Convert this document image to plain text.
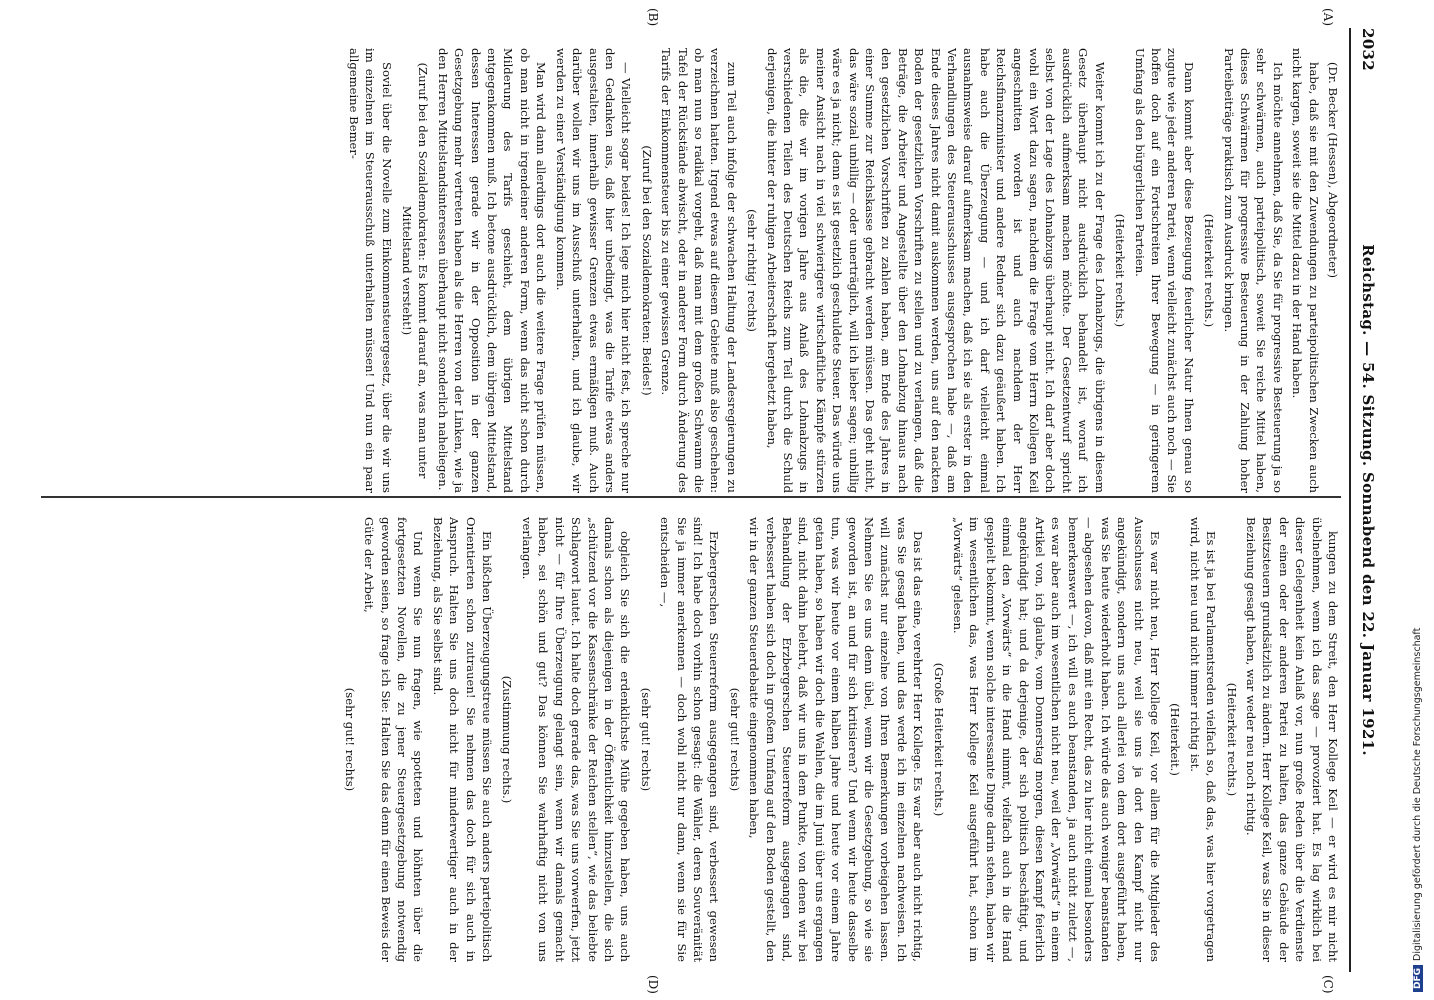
2032
Reichstag. — 54. Sitzung. Sonnabend den 22. Januar 1921.
(A)
(B)
(C)
(D)

(Dr. Becker (Hessen), Abgeordneter)

habe, daß sie mit den Zuwendungen zu parteipolitischen Zwecken auch nicht kargen, soweit sie die Mittel dazu in der Hand haben.

Ich möchte annehmen, daß Sie, da Sie für progressive Besteuerung ja so sehr schwärmen, auch parteipolitisch, soweit Sie reiche Mittel haben, dieses Schwärmen für progressive Besteuerung in der Zahlung hoher Parteibeiträge praktisch zum Ausdruck bringen.

(Heiterkeit rechts.)

Dann kommt aber diese Bezeugung feuerlicher Natur Ihnen genau so zugute wie jeder anderen Partei, wenn vielleicht zunächst auch noch — Sie hoffen doch auf ein Fortschreiten Ihrer Bewegung — in geringerem Umfang als den bürgerlichen Parteien.

(Heiterkeit rechts.)

Weiter kommt ich zu der Frage des Lohnabzugs, die übrigens in diesem Gesetz überhaupt nicht ausdrücklich behandelt ist, worauf ich ausdrücklich aufmerksam machen möchte. Der Gesetzentwurf spricht selbst von der Lage des Lohnabzugs überhaupt nicht. Ich darf aber doch wohl ein Wort dazu sagen, nachdem die Frage vom Herrn Kollegen Keil angeschnitten worden ist und auch nachdem der Herr Reichsfinanzminister und andere Redner sich dazu geäußert haben. Ich habe auch die Überzeugung — und ich darf vielleicht einmal ausnahmsweise darauf aufmerksam machen, daß ich sie als erster in den Verhandlungen des Steuerausschusses ausgesprochen habe —, daß am Ende dieses Jahres nicht damit auskommen werden, uns auf den nackten Boden der gesetzlichen Vorschriften zu stellen und zu verlangen, daß die Beträge, die Arbeiter und Angestellte über den Lohnabzug hinaus nach den gesetzlichen Vorschriften zu zahlen haben, am Ende des Jahres in einer Summe zur Reichskasse gebracht werden müssen. Das geht nicht, das wäre sozial unbillig — oder unerträglich, will ich lieber sagen; unbillig wäre es ja nicht; denn es ist gesetzlich geschuldete Steuer. Das würde uns meiner Ansicht nach in viel schwierigere wirtschaftliche Kämpfe stürzen als die, die wir im vorigen Jahre aus Anlaß des Lohnabzugs in verschiedenen Teilen des Deutschen Reichs zum Teil durch die Schuld derjenigen, die hinter der ruhigen Arbeiterschaft hergehetzt haben,

(sehr richtig! rechts)

zum Teil auch infolge der schwachen Haltung der Landesregierungen zu verzeichnen hatten. Irgend etwas auf diesem Gebiete muß also geschehen: ob man nun so radikal vorgeht, daß man mit dem großen Schwamm die Tafel der Rückstände abwischt, oder in anderer Form durch Änderung des Tarifs der Einkommensteuer bis zu einer gewissen Grenze.

(Zuruf bei den Sozialdemokraten: Beides!)

— Vielleicht sogar beides! Ich lege mich hier nicht fest, ich spreche nur den Gedanken aus, daß hier unbedingt, was die Tarife etwas anders ausgestalten, innerhalb gewisser Grenzen etwas ermäßigen muß. Auch darüber wollen wir uns im Ausschuß unterhalten, und ich glaube, wir werden zu einer Verständigung kommen.

Man wird dann allerdings dort auch die weitere Frage prüfen müssen, ob man nicht in irgendeiner anderen Form, wenn das nicht schon durch Milderung des Tarifs geschieht, dem übrigen Mittelstand entgegenkommen muß. Ich betone ausdrücklich, dem übrigen Mittelstand, dessen Interessen gerade wir in der Opposition in der ganzen Gesetzgebung mehr vertreten haben als die Herren von der Linken, wie ja den Herren Mittelstandsinteressen überhaupt nicht sonderlich naheliegen.

(Zuruf bei den Sozialdemokraten: Es kommt darauf an, was man unter Mittelstand versteht!)

Soviel über die Novelle zum Einkommensteuergesetz, über die wir uns im einzelnen im Steuerausschuß unterhalten müssen! Und nun ein paar allgemeine Bemer-

kungen zu dem Streit, den Herr Kollege Keil — er wird es mir nicht übelnehmen, wenn ich das sage — provoziert hat. Es lag wirklich bei dieser Gelegenheit kein Anlaß vor, nun große Reden über die Verdienste der einen oder der anderen Partei zu halten, das ganze Gebäude der Besitzsteuern grundsätzlich zu ändern. Herr Kollege Keil, was Sie in dieser Beziehung gesagt haben, war weder neu noch richtig.

(Heiterkeit rechts.)

Es ist ja bei Parlamentsreden vielfach so, daß das, was hier vorgetragen wird, nicht neu und nicht immer richtig ist.

(Heiterkeit.)

Es war nicht neu, Herr Kollege Keil, vor allem für die Mitglieder des Ausschusses nicht neu, weil sie uns ja dort den Kampf nicht nur angekündigt, sondern uns auch allerlei von dem dort ausgeführt haben, was Sie heute wiederholt haben. Ich würde das auch weniger beanstanden — abgesehen davon, daß mit ein Recht, das zu hier nicht einmal besonders bemerkenswert —, ich will es auch beanstanden, ja auch nicht zuletzt —, es war aber auch im wesentlichen nicht neu, weil der „Vorwärts“ in einem Artikel von, ich glaube, vom Donnerstag morgen, diesen Kampf feierlich angekündigt hat; und da derjenige, der sich politisch beschäftigt, und einmal den „Vorwärts“ in die Hand nimmt, vielfach auch in die Hand gespielt bekommt, wenn solche interessante Dinge darin stehen, haben wir im wesentlichen das, was Herr Kollege Keil ausgeführt hat, schon im „Vorwärts“ gelesen.

(Große Heiterkeit rechts.)

Das ist das eine, verehrter Herr Kollege. Es war aber auch nicht richtig, was Sie gesagt haben, und das werde ich im einzelnen nachweisen. Ich will zunächst nur einzelne von Ihren Bemerkungen vorbeigehen lassen. Nehmen Sie es uns denn übel, wenn wir die Gesetzgebung, so wie sie geworden ist, an und für sich kritisieren? Und wenn wir heute dasselbe tun, was wir heute vor einem halben Jahre und heute vor einem Jahre getan haben, so haben wir doch die Wahlen, die im Juni über uns ergangen sind, nicht dahin belehrt, daß wir uns in dem Punkte, von denen wir bei Behandlung der Erzbergerschen Steuerreform ausgegangen sind, verbessert haben sich doch in großem Umfang auf den Boden gestellt, den wir in der ganzen Steuerdebatte eingenommen haben,

(sehr gut! rechts)

Erzbergerschen Steuerreform ausgegangen sind, verbessert gewesen sind! Ich habe doch vorhin schon gesagt: die Wähler, deren Souveränität Sie ja immer anerkennen — doch wohl nicht nur dann, wenn sie für Sie entscheiden —,

(sehr gut! rechts)

obgleich Sie sich die erdenklichste Mühe gegeben haben, uns auch damals schon als diejenigen in der Öffentlichkeit hinzustellen, die sich „schützend vor die Kassenschränke der Reichen stellen“, wie das beliebte Schlagwort lautet. Ich halte doch gerade das, was Sie uns vorwerfen, jetzt nicht — für Ihre Überzeugung gelangt sein, wenn wir damals gemacht haben, sei schön und gut? Das können Sie wahrhaftig nicht von uns verlangen.

(Zustimmung rechts.)

Ein bißchen Überzeugungstreue müssen Sie auch anders parteipolitisch Orientierten schon zutrauen! Sie nehmen das doch für sich auch in Anspruch. Halten Sie uns doch nicht für minderwertiger auch in der Beziehung, als Sie selbst sind.

Und wenn Sie nun fragen, wie spotteten und höhnten über die fortgesetzten Novellen, die zu jener Steuergesetzgebung notwendig geworden seien, so frage ich Sie: Halten Sie das denn für einen Beweis der Güte der Arbeit,

(sehr gut! rechts)

DFGDigitalisierung gefördert durch die Deutsche Forschungsgemeinschaft
